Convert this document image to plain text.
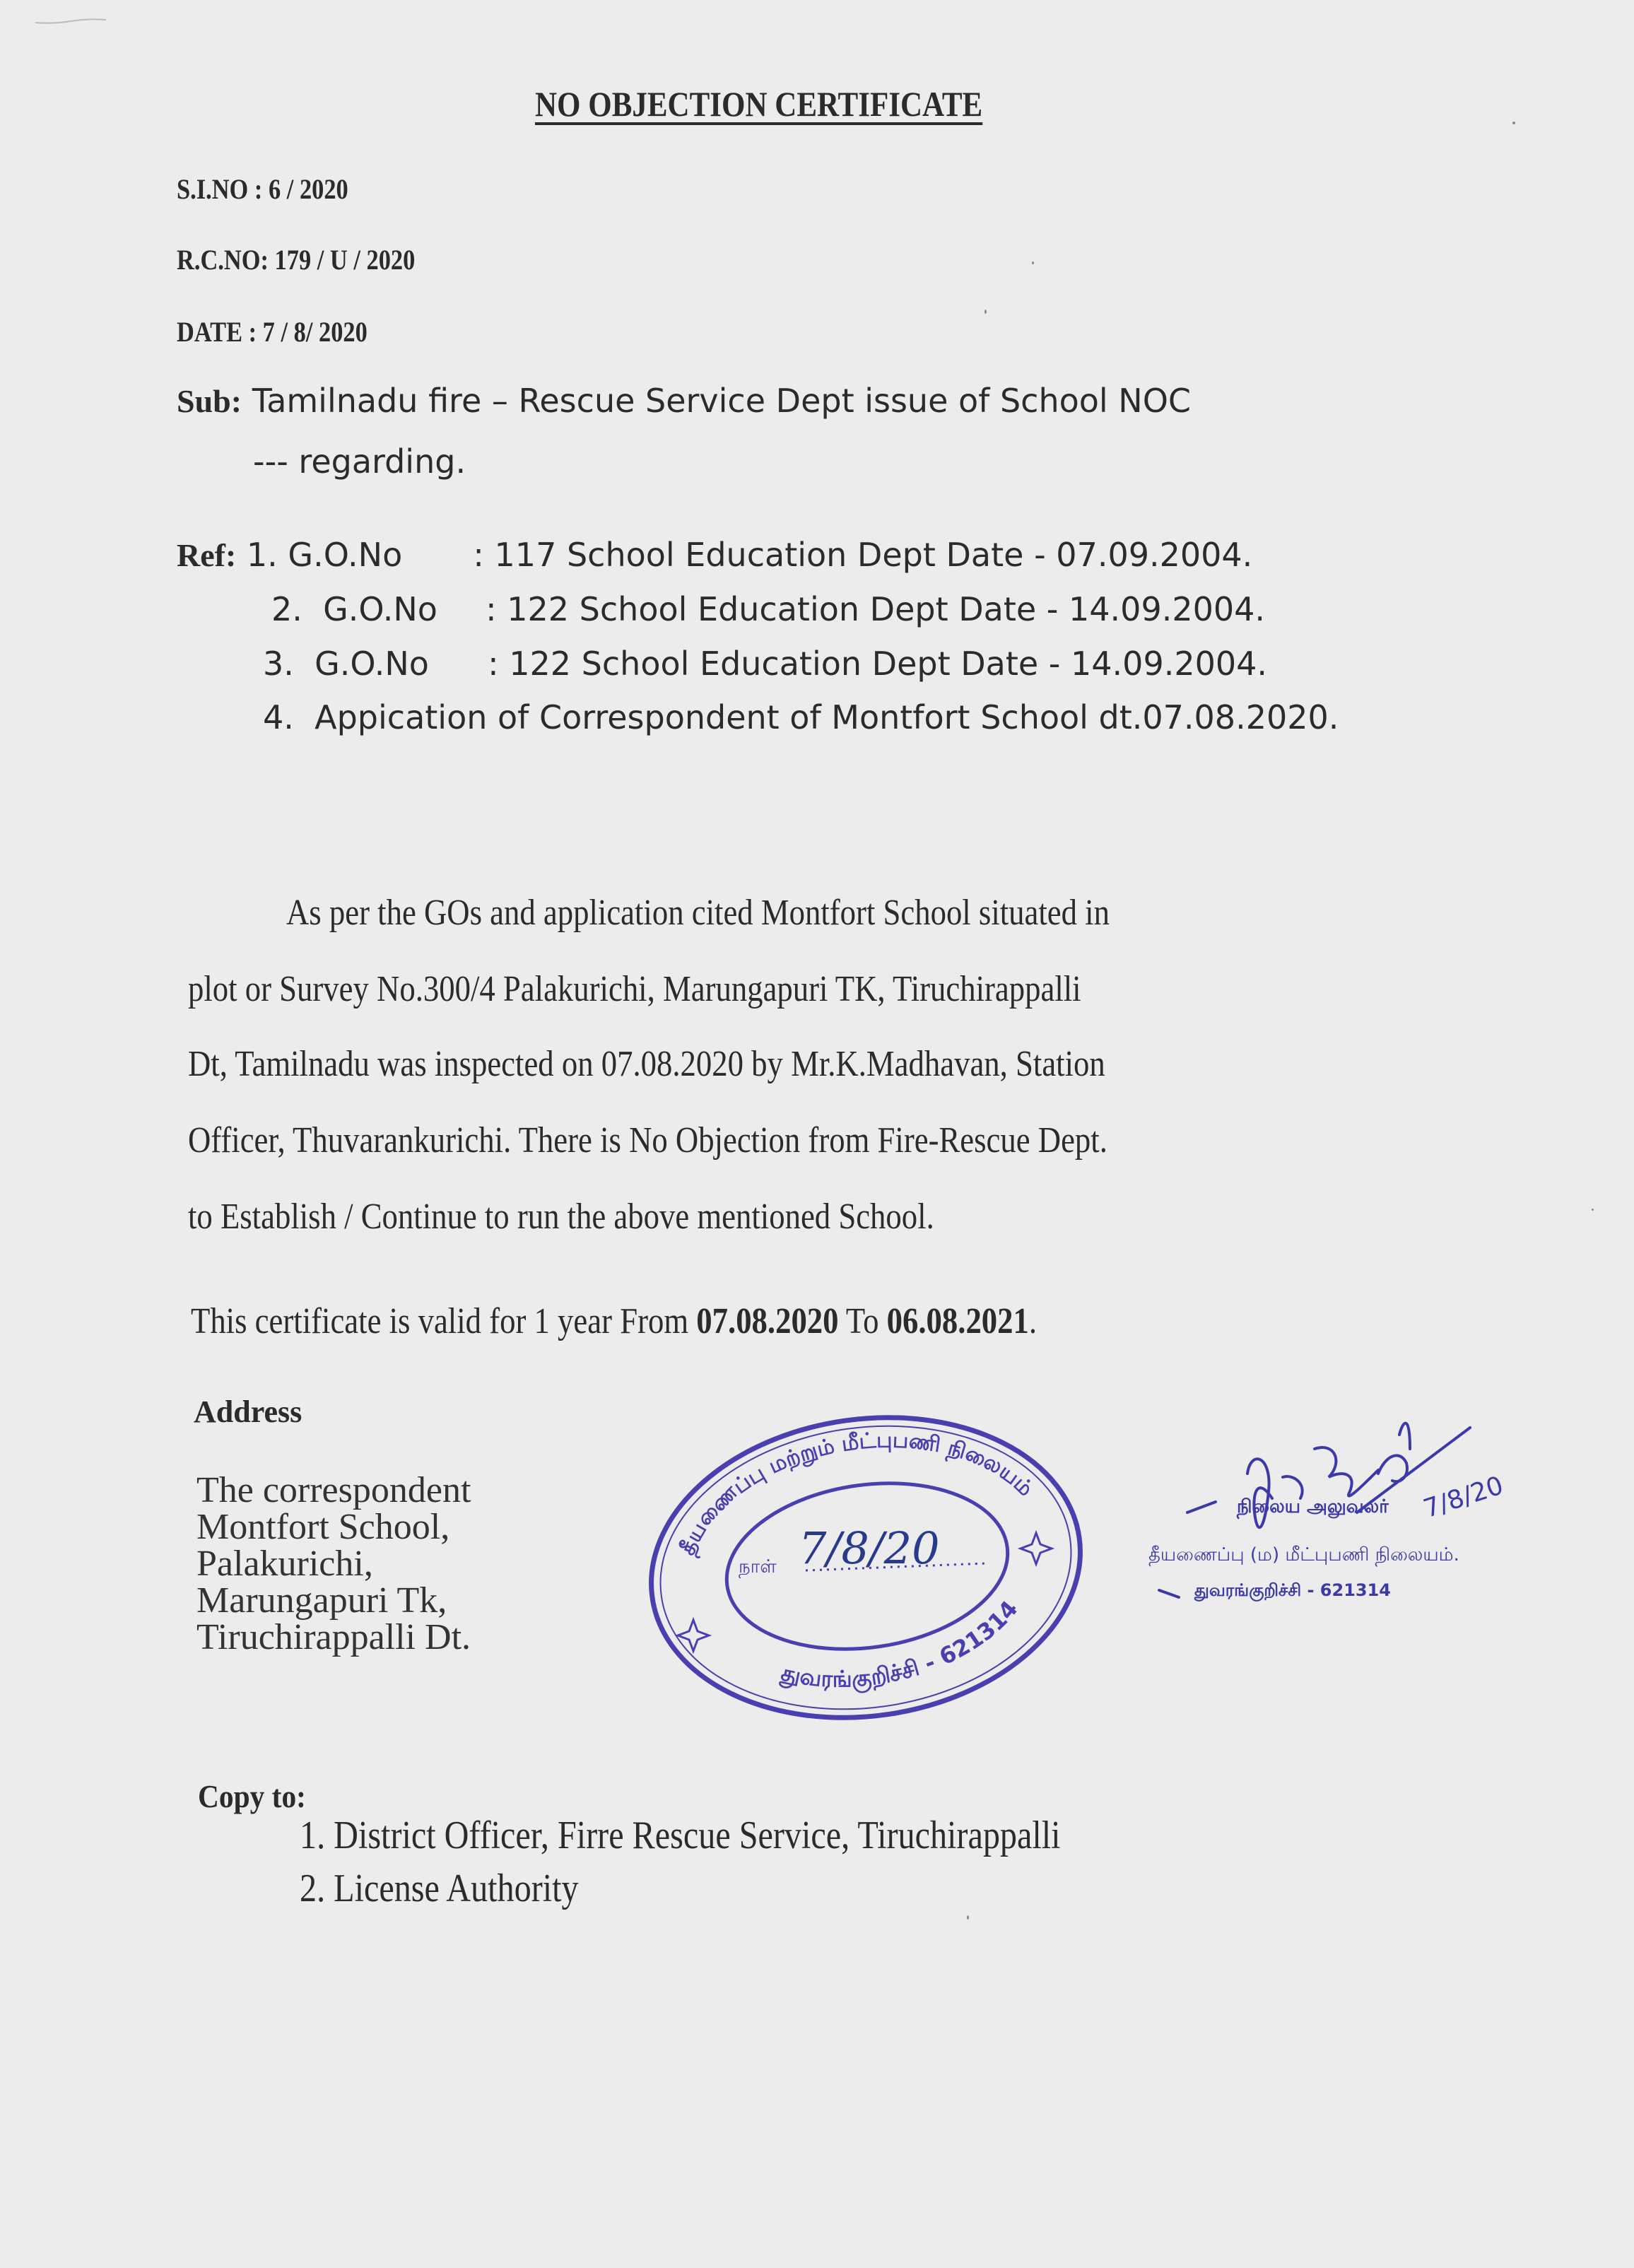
NO OBJECTION CERTIFICATE
S.I.NO : 6 / 2020
R.C.NO: 179 / U / 2020
DATE : 7 / 8/ 2020
Sub: Tamilnadu fire – Rescue Service Dept issue of School NOC
--- regarding.
Ref: 1. G.O.No : 117 School Education Dept Date - 07.09.2004.
2. G.O.No : 122 School Education Dept Date - 14.09.2004.
3. G.O.No : 122 School Education Dept Date - 14.09.2004.
4. Appication of Correspondent of Montfort School dt.07.08.2020.
As per the GOs and application cited Montfort School situated in
plot or Survey No.300/4 Palakurichi, Marungapuri TK, Tiruchirappalli
Dt, Tamilnadu was inspected on 07.08.2020 by Mr.K.Madhavan, Station
Officer, Thuvarankurichi. There is No Objection from Fire-Rescue Dept.
to Establish / Continue to run the above mentioned School.
This certificate is valid for 1 year From 07.08.2020 To 06.08.2021.
Address
The correspondent
Montfort School,
Palakurichi,
Marungapuri Tk,
Tiruchirappalli Dt.
தீயணைப்பு மற்றும் மீட்புபணி நிலையம்
துவரங்குறிச்சி - 621314
நாள் 7/8/20
7/8/20
நிலைய அலுவலர்
தீயணைப்பு (ம) மீட்புபணி நிலையம்.
துவரங்குறிச்சி - 621314
Copy to:
1. District Officer, Firre Rescue Service, Tiruchirappalli
2. License Authority
